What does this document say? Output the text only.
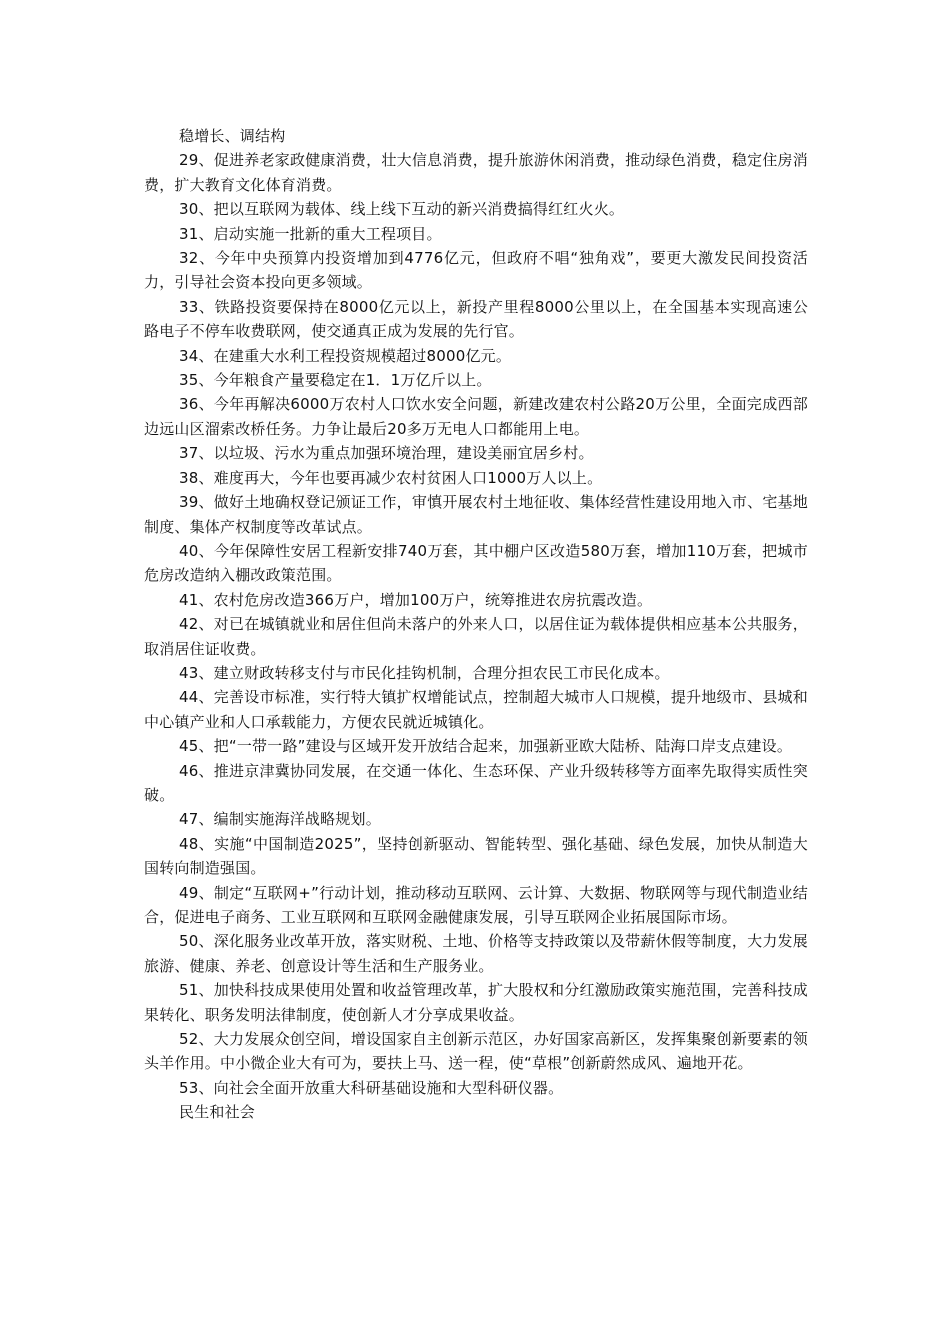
稳增长、调结构

29、促进养老家政健康消费，壮大信息消费，提升旅游休闲消费，推动绿色消费，稳定住房消费，扩大教育文化体育消费。

30、把以互联网为载体、线上线下互动的新兴消费搞得红红火火。

31、启动实施一批新的重大工程项目。

32、今年中央预算内投资增加到4776亿元，但政府不唱“独角戏”，要更大激发民间投资活力，引导社会资本投向更多领域。

33、铁路投资要保持在8000亿元以上，新投产里程8000公里以上，在全国基本实现高速公路电子不停车收费联网，使交通真正成为发展的先行官。

34、在建重大水利工程投资规模超过8000亿元。

35、今年粮食产量要稳定在1．1万亿斤以上。

36、今年再解决6000万农村人口饮水安全问题，新建改建农村公路20万公里，全面完成西部边远山区溜索改桥任务。力争让最后20多万无电人口都能用上电。

37、以垃圾、污水为重点加强环境治理，建设美丽宜居乡村。

38、难度再大，今年也要再减少农村贫困人口1000万人以上。

39、做好土地确权登记颁证工作，审慎开展农村土地征收、集体经营性建设用地入市、宅基地制度、集体产权制度等改革试点。

40、今年保障性安居工程新安排740万套，其中棚户区改造580万套，增加110万套，把城市危房改造纳入棚改政策范围。

41、农村危房改造366万户，增加100万户，统筹推进农房抗震改造。

42、对已在城镇就业和居住但尚未落户的外来人口，以居住证为载体提供相应基本公共服务，取消居住证收费。

43、建立财政转移支付与市民化挂钩机制，合理分担农民工市民化成本。

44、完善设市标准，实行特大镇扩权增能试点，控制超大城市人口规模，提升地级市、县城和中心镇产业和人口承载能力，方便农民就近城镇化。

45、把“一带一路”建设与区域开发开放结合起来，加强新亚欧大陆桥、陆海口岸支点建设。

46、推进京津冀协同发展，在交通一体化、生态环保、产业升级转移等方面率先取得实质性突破。

47、编制实施海洋战略规划。

48、实施“中国制造2025”，坚持创新驱动、智能转型、强化基础、绿色发展，加快从制造大国转向制造强国。

49、制定“互联网+”行动计划，推动移动互联网、云计算、大数据、物联网等与现代制造业结合，促进电子商务、工业互联网和互联网金融健康发展，引导互联网企业拓展国际市场。

50、深化服务业改革开放，落实财税、土地、价格等支持政策以及带薪休假等制度，大力发展旅游、健康、养老、创意设计等生活和生产服务业。

51、加快科技成果使用处置和收益管理改革，扩大股权和分红激励政策实施范围，完善科技成果转化、职务发明法律制度，使创新人才分享成果收益。

52、大力发展众创空间，增设国家自主创新示范区，办好国家高新区，发挥集聚创新要素的领头羊作用。中小微企业大有可为，要扶上马、送一程，使“草根”创新蔚然成风、遍地开花。

53、向社会全面开放重大科研基础设施和大型科研仪器。

民生和社会
